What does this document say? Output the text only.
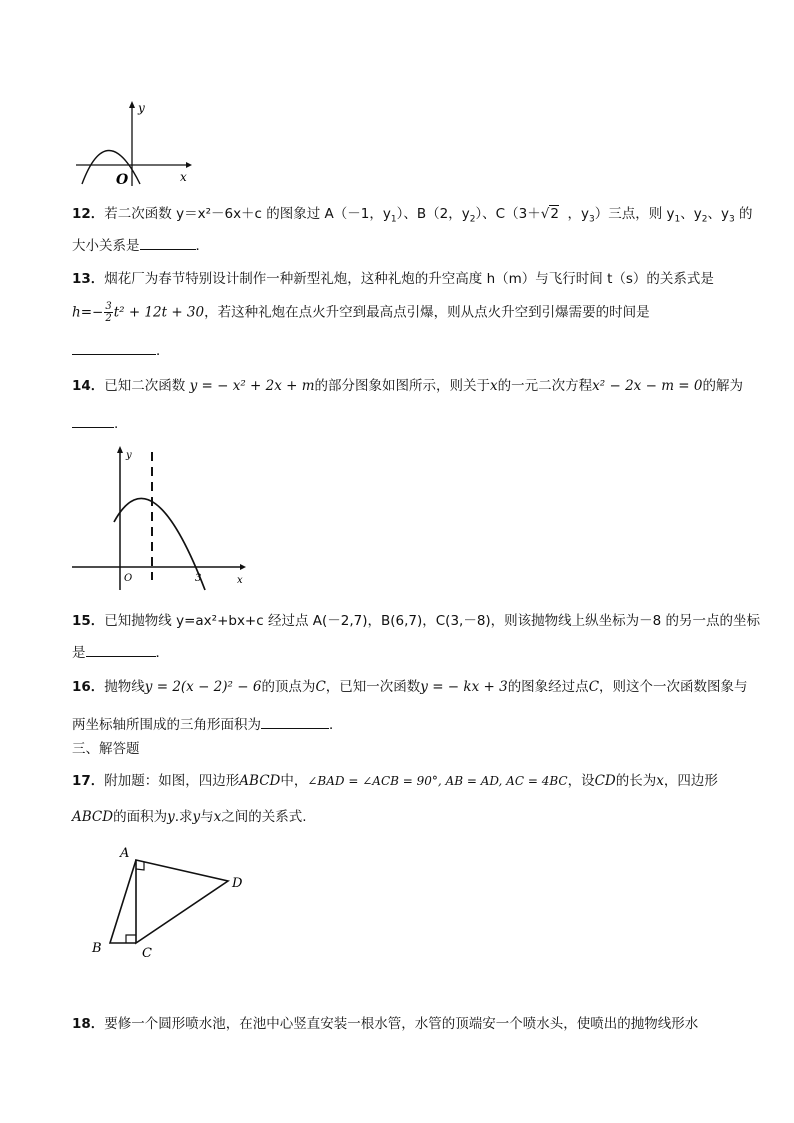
y
x
O
12．若二次函数 y＝x²－6x＋c 的图象过 A（－1，$y_1$）、B（2，$y_2$）、C（3＋√2 ，$y_3$）三点，则 $y_1$、$y_2$、$y_3$ 的
大小关系是	．
13．烟花厂为春节特别设计制作一种新型礼炮，这种礼炮的升空高度 h（m）与飞行时间 t（s）的关系式是
$h=- \frac{3}{2} t^2 + 12t + 30$，若这种礼炮在点火升空到最高点引爆，则从点火升空到引爆需要的时间是
．
14．已知二次函数 y = − x² + 2x + m的部分图象如图所示，则关于x的一元二次方程x² − 2x − m = 0的解为
.
y
x
O	3
15．已知抛物线 y=ax²+bx+c 经过点 A(－2,7)，B(6,7)，C(3,－8)，则该抛物线上纵坐标为－8 的另一点的坐标
是	．
16．抛物线y = 2(x − 2)² − 6的顶点为C，已知一次函数y = − kx + 3的图象经过点C，则这个一次函数图象与
两坐标轴所围成的三角形面积为	．
三、解答题
17．附加题：如图，四边形ABCD中，∠BAD = ∠ACB = 90°, AB = AD, AC = 4BC，设CD的长为x，四边形
ABCD的面积为y.求y与x之间的关系式.
A
B	C
D
18．要修一个圆形喷水池，在池中心竖直安装一根水管，水管的顶端安一个喷水头，使喷出的抛物线形水
